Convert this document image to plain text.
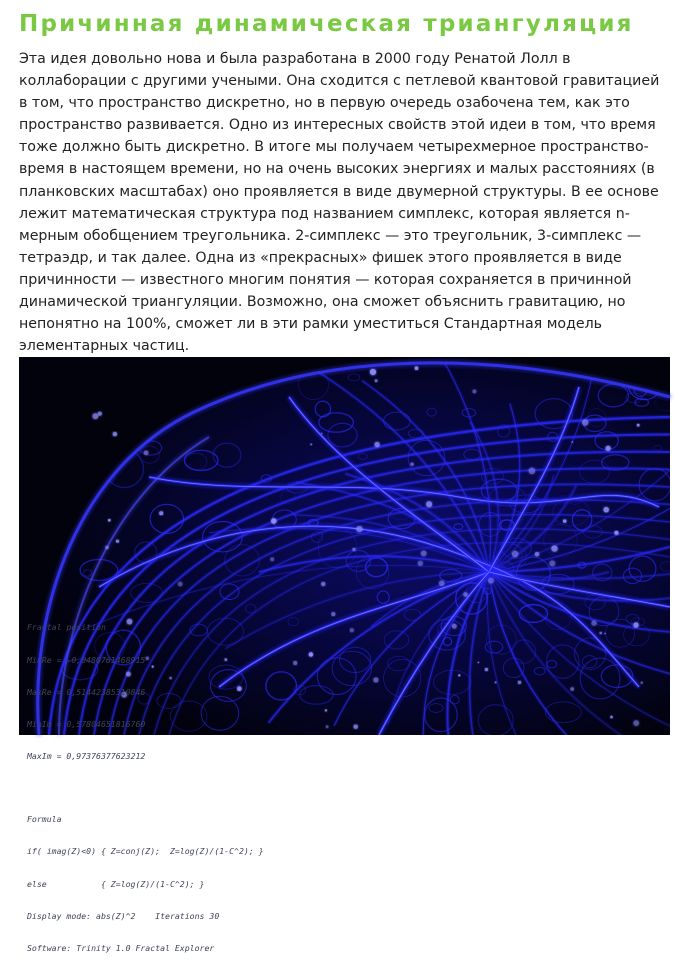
Причинная динамическая триангуляция

Эта идея довольно нова и была разработана в 2000 году Ренатой Лолл в коллаборации с другими учеными. Она сходится с петлевой квантовой гравитацией в том, что пространство дискретно, но в первую очередь озабочена тем, как это пространство развивается. Одно из интересных свойств этой идеи в том, что время тоже должно быть дискретно. В итоге мы получаем четырехмерное пространство-время в настоящем времени, но на очень высоких энергиях и малых расстояниях (в планковских масштабах) оно проявляется в виде двумерной структуры. В ее основе лежит математическая структура под названием симплекс, которая является n-мерным обобщением треугольника. 2-симплекс — это треугольник, 3-симплекс — тетраэдр, и так далее. Одна из «прекрасных» фишек этого проявляется в виде причинности — известного многим понятия — которая сохраняется в причинной динамической триангуляции. Возможно, она сможет объяснить гравитацию, но непонятно на 100%, сможет ли в эти рамки уместиться Стандартная модель элементарных частиц.

Fractal position

MinRe = -0,0480761468915

MaxRe = 0,51442385310846

MinIm = 0,57804651816760

MaxIm = 0,97376377623212

Formula

if( imag(Z)<0) { Z=conj(Z);  Z=log(Z)/(1-C^2); }

else           { Z=log(Z)/(1-C^2); }

Display mode: abs(Z)^2    Iterations 30

Software: Trinity 1.0 Fractal Explorer
